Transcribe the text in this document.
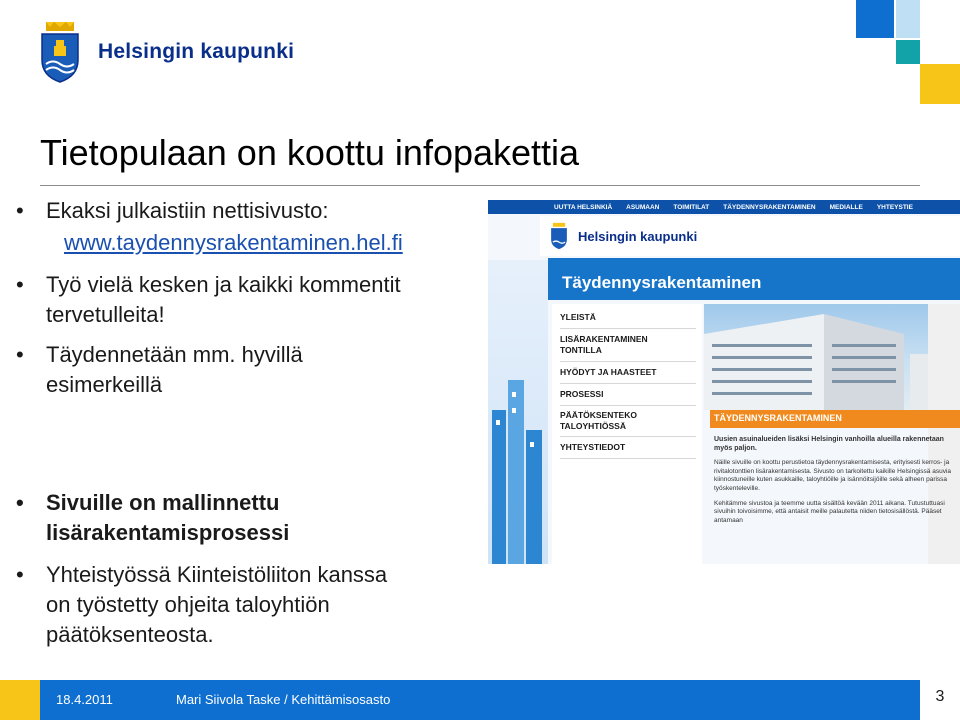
Helsingin kaupunki
Tietopulaan on koottu infopakettia
• Ekaksi julkaistiin nettisivusto:
www.taydennysrakentaminen.hel.fi
• Työ vielä kesken ja kaikki kommentit
tervetulleita!
• Täydennetään mm. hyvillä
esimerkeillä
• Sivuille on mallinnettu
lisärakentamisprosessi
• Yhteistyössä Kiinteistöliiton kanssa
on työstetty ohjeita taloyhtiön
päätöksenteosta.
UUTTA HELSINKIÄ ASUMAAN TOIMITILAT TÄYDENNYSRAKENTAMINEN MEDIALLE YHTEYSTIE
Helsingin kaupunki
Täydennysrakentaminen
YLEISTÄ
LISÄRAKENTAMINEN
TONTILLA
HYÖDYT JA HAASTEET
PROSESSI
PÄÄTÖKSENTEKO
TALOYHTIÖSSÄ
YHTEYSTIEDOT
TÄYDENNYSRAKENTAMINEN
Uusien asuinalueiden lisäksi Helsingin vanhoilla alueilla rakennetaan myös paljon.
Näille sivuille on koottu perustietoa täydennysrakentamisesta, erityisesti kerros- ja rivitalotonttien lisärakentamisesta. Sivusto on tarkoitettu kaikille Helsingissä asuvia kiinnostuneille kuten asukkaille, taloyhtiöille ja isännöitsijöille sekä alheen parissa työskenteleville.
Kehitämme sivustoa ja teemme uutta sisältöä kevään 2011 aikana. Tutustuttuasi sivuihin toivoisimme, että antaisit meille palautetta niiden tietosisällöstä. Pääset antamaan
18.4.2011	Mari Siivola Taske / Kehittämisosasto	3
